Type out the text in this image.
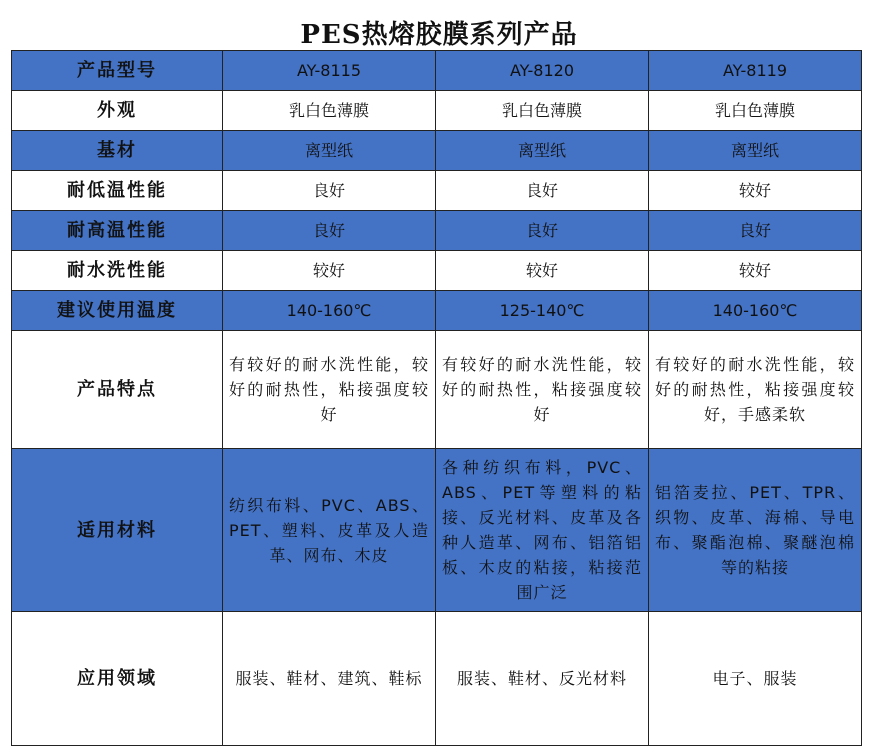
PES热熔胶膜系列产品
产品型号	AY-8115	AY-8120	AY-8119
外观	乳白色薄膜	乳白色薄膜	乳白色薄膜
基材	离型纸	离型纸	离型纸
耐低温性能	良好	良好	较好
耐高温性能	良好	良好	良好
耐水洗性能	较好	较好	较好
建议使用温度	140-160℃	125-140℃	140-160℃
产品特点	有较好的耐水洗性能，较好的耐热性，粘接强度较好	有较好的耐水洗性能，较好的耐热性，粘接强度较好	有较好的耐水洗性能，较好的耐热性，粘接强度较好，手感柔软
适用材料	纺织布料、PVC、ABS、PET、塑料、皮革及人造革、网布、木皮	各种纺织布料，PVC、ABS、PET等塑料的粘接、反光材料、皮革及各种人造革、网布、铝箔铝板、木皮的粘接，粘接范围广泛	铝箔麦拉、PET、TPR、织物、皮革、海棉、导电布、聚酯泡棉、聚醚泡棉等的粘接
应用领域	服装、鞋材、建筑、鞋标	服装、鞋材、反光材料	电子、服装
